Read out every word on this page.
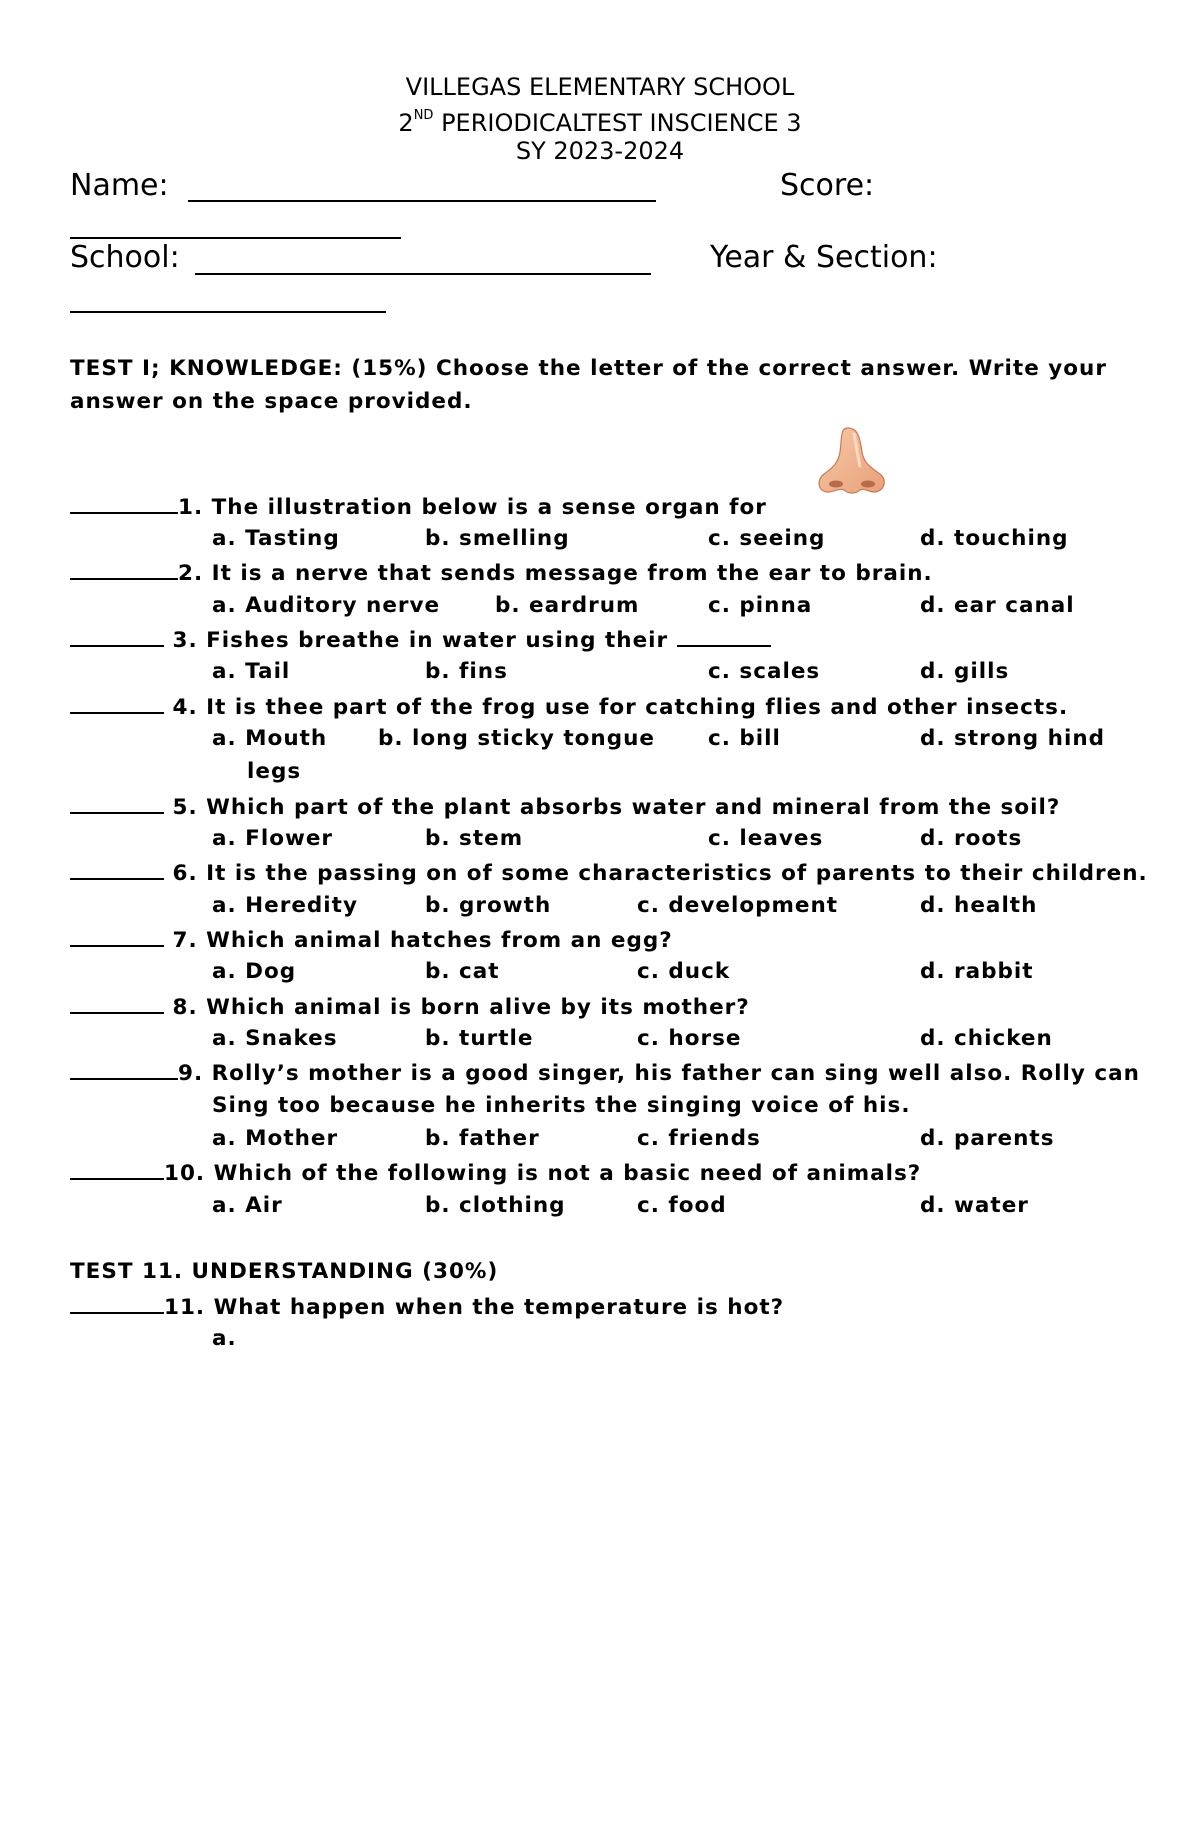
VILLEGAS ELEMENTARY SCHOOL
2ND PERIODICALTEST INSCIENCE 3
SY 2023-2024
Name:	Score:
School:	Year & Section:
TEST I; KNOWLEDGE: (15%) Choose the letter of the correct answer. Write your
answer on the space provided.
1. The illustration below is a sense organ for
a. Tasting	b. smelling	c. seeing	d. touching
2. It is a nerve that sends message from the ear to brain.
a. Auditory nerve	b. eardrum	c. pinna	d. ear canal
3. Fishes breathe in water using their
a. Tail	b. fins	c. scales	d. gills
4. It is thee part of the frog use for catching flies and other insects.
a. Mouth b. long sticky tongue c. bill	d. strong hind
legs
5. Which part of the plant absorbs water and mineral from the soil?
a. Flower	b. stem	c. leaves	d. roots
6. It is the passing on of some characteristics of parents to their children.
a. Heredity	b. growth	c. development	d. health
7. Which animal hatches from an egg?
a. Dog	b. cat	c. duck	d. rabbit
8. Which animal is born alive by its mother?
a. Snakes	b. turtle	c. horse	d. chicken
9. Rolly’s mother is a good singer, his father can sing well also. Rolly can
Sing too because he inherits the singing voice of his.
a. Mother	b. father	c. friends	d. parents
10. Which of the following is not a basic need of animals?
a. Air	b. clothing	c. food	d. water
TEST 11. UNDERSTANDING (30%)
11. What happen when the temperature is hot?
a.
